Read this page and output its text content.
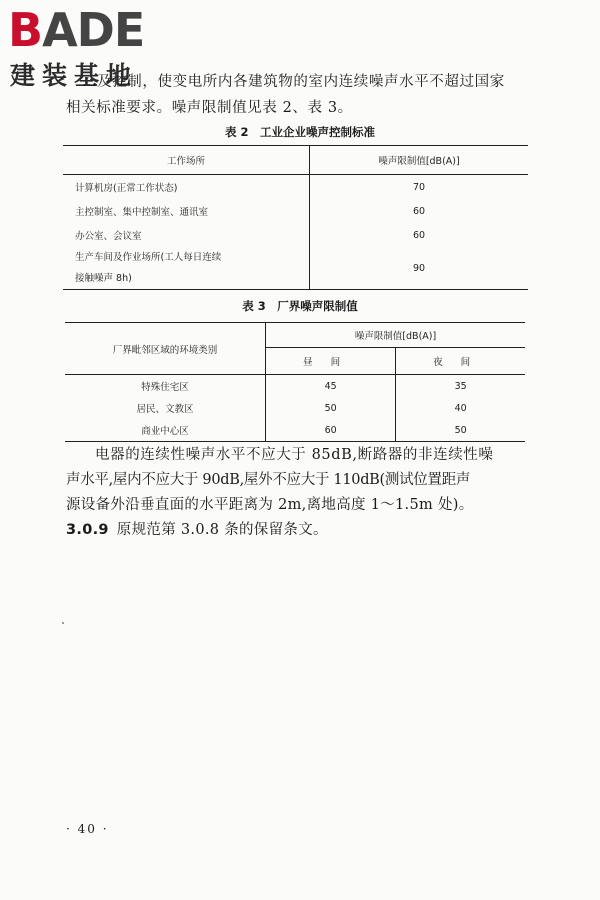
BADE
建装基地
…及控制，使变电所内各建筑物的室内连续噪声水平不超过国家
相关标准要求。噪声限制值见表 2、表 3。
表 2　工业企业噪声控制标准
工作场所	噪声限制值[dB(A)]
计算机房(正常工作状态)	70
主控制室、集中控制室、通讯室	60
办公室、会议室	60

生产车间及作业场所(工人每日连续
接触噪声 8h)	90
表 3　厂界噪声限制值
厂界毗邻区域的环境类别	噪声限制值[dB(A)]	
	昼间	夜间
特殊住宅区	45	35
居民、文教区	50	40
商业中心区	60	50

电器的连续性噪声水平不应大于 85dB,断路器的非连续性噪

声水平,屋内不应大于 90dB,屋外不应大于 110dB(测试位置距声

源设备外沿垂直面的水平距离为 2m,离地高度 1～1.5m 处)。

3.0.9 原规范第 3.0.8 条的保留条文。

· 40 ·
